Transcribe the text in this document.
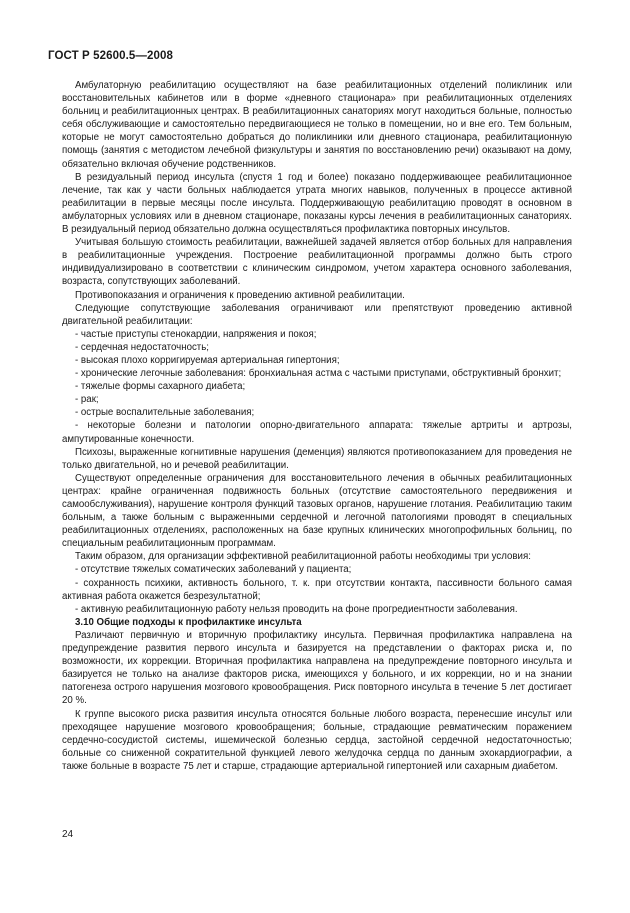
ГОСТ Р 52600.5—2008

Амбулаторную реабилитацию осуществляют на базе реабилитационных отделений поликлиник или восстановительных кабинетов или в форме «дневного стационара» при реабилитационных отделениях больниц и реабилитационных центрах. В реабилитационных санаториях могут находиться больные, полностью себя обслуживающие и самостоятельно передвигающиеся не только в помещении, но и вне его. Тем больным, которые не могут самостоятельно добраться до поликлиники или дневного стационара, реабилитационную помощь (занятия с методистом лечебной физкультуры и занятия по восстановлению речи) оказывают на дому, обязательно включая обучение родственников.

В резидуальный период инсульта (спустя 1 год и более) показано поддерживающее реабилитационное лечение, так как у части больных наблюдается утрата многих навыков, полученных в процессе активной реабилитации в первые месяцы после инсульта. Поддерживающую реабилитацию проводят в основном в амбулаторных условиях или в дневном стационаре, показаны курсы лечения в реабилитационных санаториях. В резидуальный период обязательно должна осуществляться профилактика повторных инсультов.

Учитывая большую стоимость реабилитации, важнейшей задачей является отбор больных для направления в реабилитационные учреждения. Построение реабилитационной программы должно быть строго индивидуализировано в соответствии с клиническим синдромом, учетом характера основного заболевания, возраста, сопутствующих заболеваний.

Противопоказания и ограничения к проведению активной реабилитации.

Следующие сопутствующие заболевания ограничивают или препятствуют проведению активной двигательной реабилитации:

- частые приступы стенокардии, напряжения и покоя;

- сердечная недостаточность;

- высокая плохо корригируемая артериальная гипертония;

- хронические легочные заболевания: бронхиальная астма с частыми приступами, обструктивный бронхит;

- тяжелые формы сахарного диабета;

- рак;

- острые воспалительные заболевания;

- некоторые болезни и патологии опорно-двигательного аппарата: тяжелые артриты и артрозы, ампутированные конечности.

Психозы, выраженные когнитивные нарушения (деменция) являются противопоказанием для проведения не только двигательной, но и речевой реабилитации.

Существуют определенные ограничения для восстановительного лечения в обычных реабилитационных центрах: крайне ограниченная подвижность больных (отсутствие самостоятельного передвижения и самообслуживания), нарушение контроля функций тазовых органов, нарушение глотания. Реабилитацию таким больным, а также больным с выраженными сердечной и легочной патологиями проводят в специальных реабилитационных отделениях, расположенных на базе крупных клинических многопрофильных больниц, по специальным реабилитационным программам.

Таким образом, для организации эффективной реабилитационной работы необходимы три условия:

- отсутствие тяжелых соматических заболеваний у пациента;

- сохранность психики, активность больного, т. к. при отсутствии контакта, пассивности больного самая активная работа окажется безрезультатной;

- активную реабилитационную работу нельзя проводить на фоне прогредиентности заболевания.

3.10 Общие подходы к профилактике инсульта

Различают первичную и вторичную профилактику инсульта. Первичная профилактика направлена на предупреждение развития первого инсульта и базируется на представлении о факторах риска и, по возможности, их коррекции. Вторичная профилактика направлена на предупреждение повторного инсульта и базируется не только на анализе факторов риска, имеющихся у больного, и их коррекции, но и на знании патогенеза острого нарушения мозгового кровообращения. Риск повторного инсульта в течение 5 лет достигает 20 %.

К группе высокого риска развития инсульта относятся больные любого возраста, перенесшие инсульт или преходящее нарушение мозгового кровообращения; больные, страдающие ревматическим поражением сердечно-сосудистой системы, ишемической болезнью сердца, застойной сердечной недостаточностью; больные со сниженной сократительной функцией левого желудочка сердца по данным эхокардиографии, а также больные в возрасте 75 лет и старше, страдающие артериальной гипертонией или сахарным диабетом.

24
